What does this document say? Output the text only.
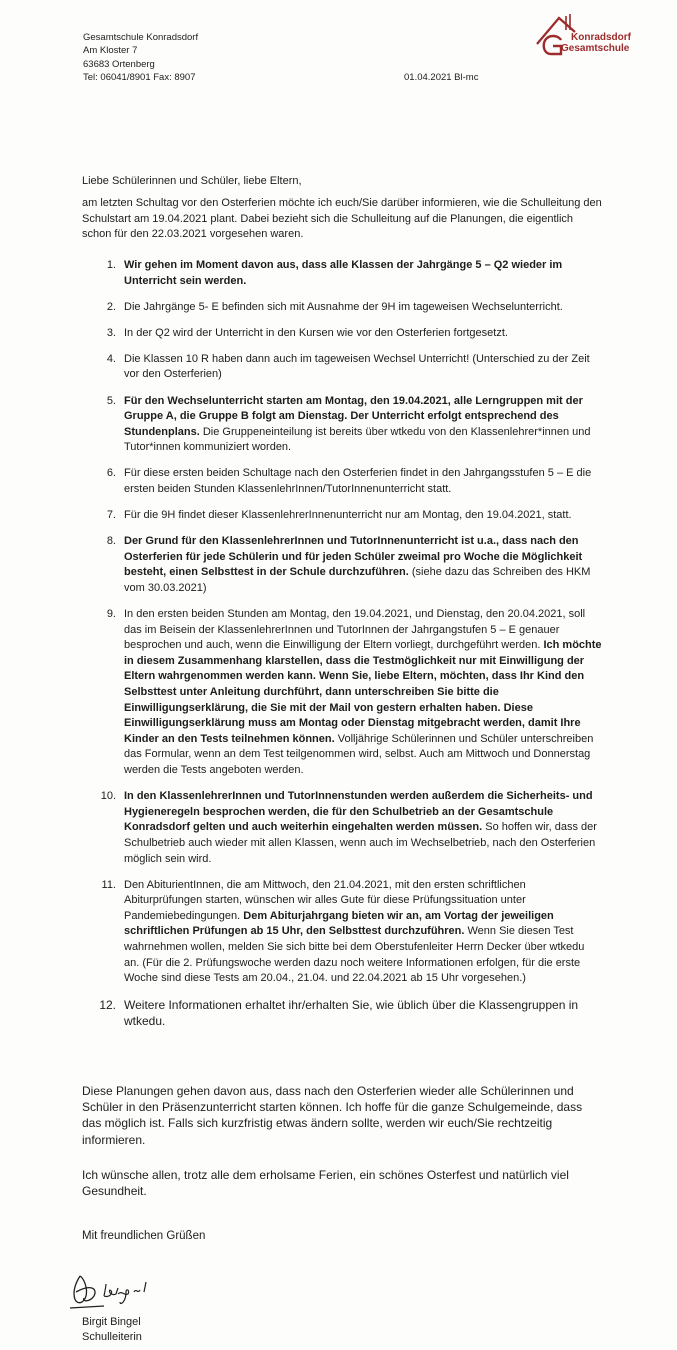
Gesamtschule Konradsdorf
Am Kloster 7
63683 Ortenberg
Tel: 06041/8901 Fax: 8907	01.04.2021 Bl-mc
Konradsdorf
Gesamtschule
Liebe Schülerinnen und Schüler, liebe Eltern,
am letzten Schultag vor den Osterferien möchte ich euch/Sie darüber informieren, wie die Schulleitung den Schulstart am 19.04.2021 plant. Dabei bezieht sich die Schulleitung auf die Planungen, die eigentlich schon für den 22.03.2021 vorgesehen waren.
1. Wir gehen im Moment davon aus, dass alle Klassen der Jahrgänge 5 – Q2 wieder im Unterricht sein werden.
2. Die Jahrgänge 5- E befinden sich mit Ausnahme der 9H im tageweisen Wechselunterricht.
3. In der Q2 wird der Unterricht in den Kursen wie vor den Osterferien fortgesetzt.
4. Die Klassen 10 R haben dann auch im tageweisen Wechsel Unterricht! (Unterschied zu der Zeit vor den Osterferien)
5. Für den Wechselunterricht starten am Montag, den 19.04.2021, alle Lerngruppen mit der Gruppe A, die Gruppe B folgt am Dienstag. Der Unterricht erfolgt entsprechend des Stundenplans. Die Gruppeneinteilung ist bereits über wtkedu von den Klassenlehrer*innen und Tutor*innen kommuniziert worden.
6. Für diese ersten beiden Schultage nach den Osterferien findet in den Jahrgangsstufen 5 – E die ersten beiden Stunden KlassenlehrInnen/TutorInnenunterricht statt.
7. Für die 9H findet dieser KlassenlehrerInnenunterricht nur am Montag, den 19.04.2021, statt.
8. Der Grund für den KlassenlehrerInnen und TutorInnenunterricht ist u.a., dass nach den Osterferien für jede Schülerin und für jeden Schüler zweimal pro Woche die Möglichkeit besteht, einen Selbsttest in der Schule durchzuführen. (siehe dazu das Schreiben des HKM vom 30.03.2021)
9. In den ersten beiden Stunden am Montag, den 19.04.2021, und Dienstag, den 20.04.2021, soll das im Beisein der KlassenlehrerInnen und TutorInnen der Jahrgangstufen 5 – E genauer besprochen und auch, wenn die Einwilligung der Eltern vorliegt, durchgeführt werden. Ich möchte in diesem Zusammenhang klarstellen, dass die Testmöglichkeit nur mit Einwilligung der Eltern wahrgenommen werden kann. Wenn Sie, liebe Eltern, möchten, dass Ihr Kind den Selbsttest unter Anleitung durchführt, dann unterschreiben Sie bitte die Einwilligungserklärung, die Sie mit der Mail von gestern erhalten haben. Diese Einwilligungserklärung muss am Montag oder Dienstag mitgebracht werden, damit Ihre Kinder an den Tests teilnehmen können. Volljährige Schülerinnen und Schüler unterschreiben das Formular, wenn an dem Test teilgenommen wird, selbst. Auch am Mittwoch und Donnerstag werden die Tests angeboten werden.
10. In den KlassenlehrerInnen und TutorInnenstunden werden außerdem die Sicherheits- und Hygieneregeln besprochen werden, die für den Schulbetrieb an der Gesamtschule Konradsdorf gelten und auch weiterhin eingehalten werden müssen. So hoffen wir, dass der Schulbetrieb auch wieder mit allen Klassen, wenn auch im Wechselbetrieb, nach den Osterferien möglich sein wird.
11. Den AbiturientInnen, die am Mittwoch, den 21.04.2021, mit den ersten schriftlichen Abiturprüfungen starten, wünschen wir alles Gute für diese Prüfungssituation unter Pandemiebedingungen. Dem Abiturjahrgang bieten wir an, am Vortag der jeweiligen schriftlichen Prüfungen ab 15 Uhr, den Selbsttest durchzuführen. Wenn Sie diesen Test wahrnehmen wollen, melden Sie sich bitte bei dem Oberstufenleiter Herrn Decker über wtkedu an. (Für die 2. Prüfungswoche werden dazu noch weitere Informationen erfolgen, für die erste Woche sind diese Tests am 20.04., 21.04. und 22.04.2021 ab 15 Uhr vorgesehen.)
12. Weitere Informationen erhaltet ihr/erhalten Sie, wie üblich über die Klassengruppen in wtkedu.
Diese Planungen gehen davon aus, dass nach den Osterferien wieder alle Schülerinnen und Schüler in den Präsenzunterricht starten können. Ich hoffe für die ganze Schulgemeinde, dass das möglich ist. Falls sich kurzfristig etwas ändern sollte, werden wir euch/Sie rechtzeitig informieren.
Ich wünsche allen, trotz alle dem erholsame Ferien, ein schönes Osterfest und natürlich viel Gesundheit.
Mit freundlichen Grüßen
Birgit Bingel
Schulleiterin
